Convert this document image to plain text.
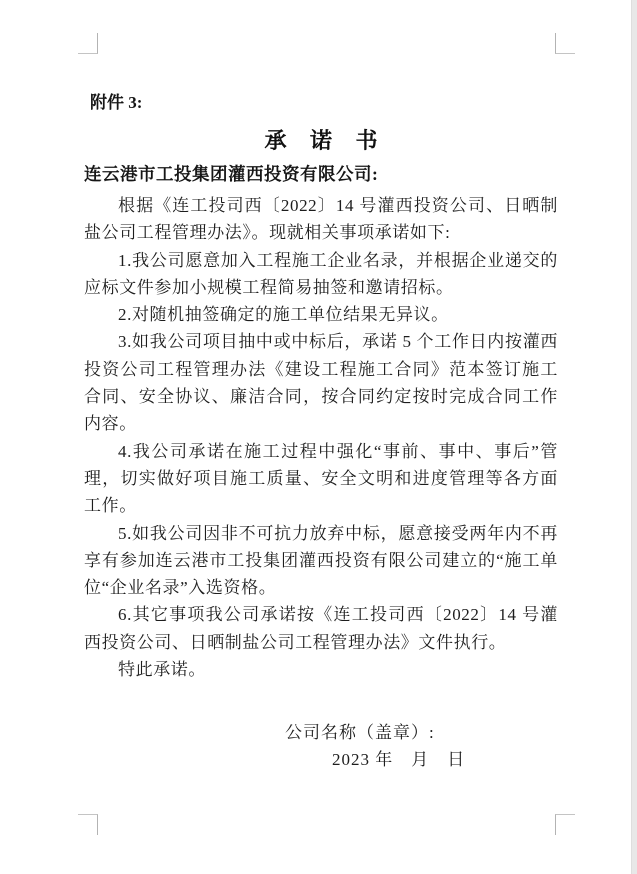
附件 3:
承 诺 书
连云港市工投集团灌西投资有限公司:

根据《连工投司西〔2022〕14 号灌西投资公司、日晒制盐公司工程管理办法》。现就相关事项承诺如下:

1.我公司愿意加入工程施工企业名录，并根据企业递交的应标文件参加小规模工程简易抽签和邀请招标。

2.对随机抽签确定的施工单位结果无异议。

3.如我公司项目抽中或中标后，承诺 5 个工作日内按灌西投资公司工程管理办法《建设工程施工合同》范本签订施工合同、安全协议、廉洁合同，按合同约定按时完成合同工作内容。

4.我公司承诺在施工过程中强化“事前、事中、事后”管理，切实做好项目施工质量、安全文明和进度管理等各方面工作。

5.如我公司因非不可抗力放弃中标，愿意接受两年内不再享有参加连云港市工投集团灌西投资有限公司建立的“施工单位“企业名录”入选资格。

6.其它事项我公司承诺按《连工投司西〔2022〕14 号灌西投资公司、日晒制盐公司工程管理办法》文件执行。

特此承诺。

公司名称（盖章）:
2023 年　月　日
